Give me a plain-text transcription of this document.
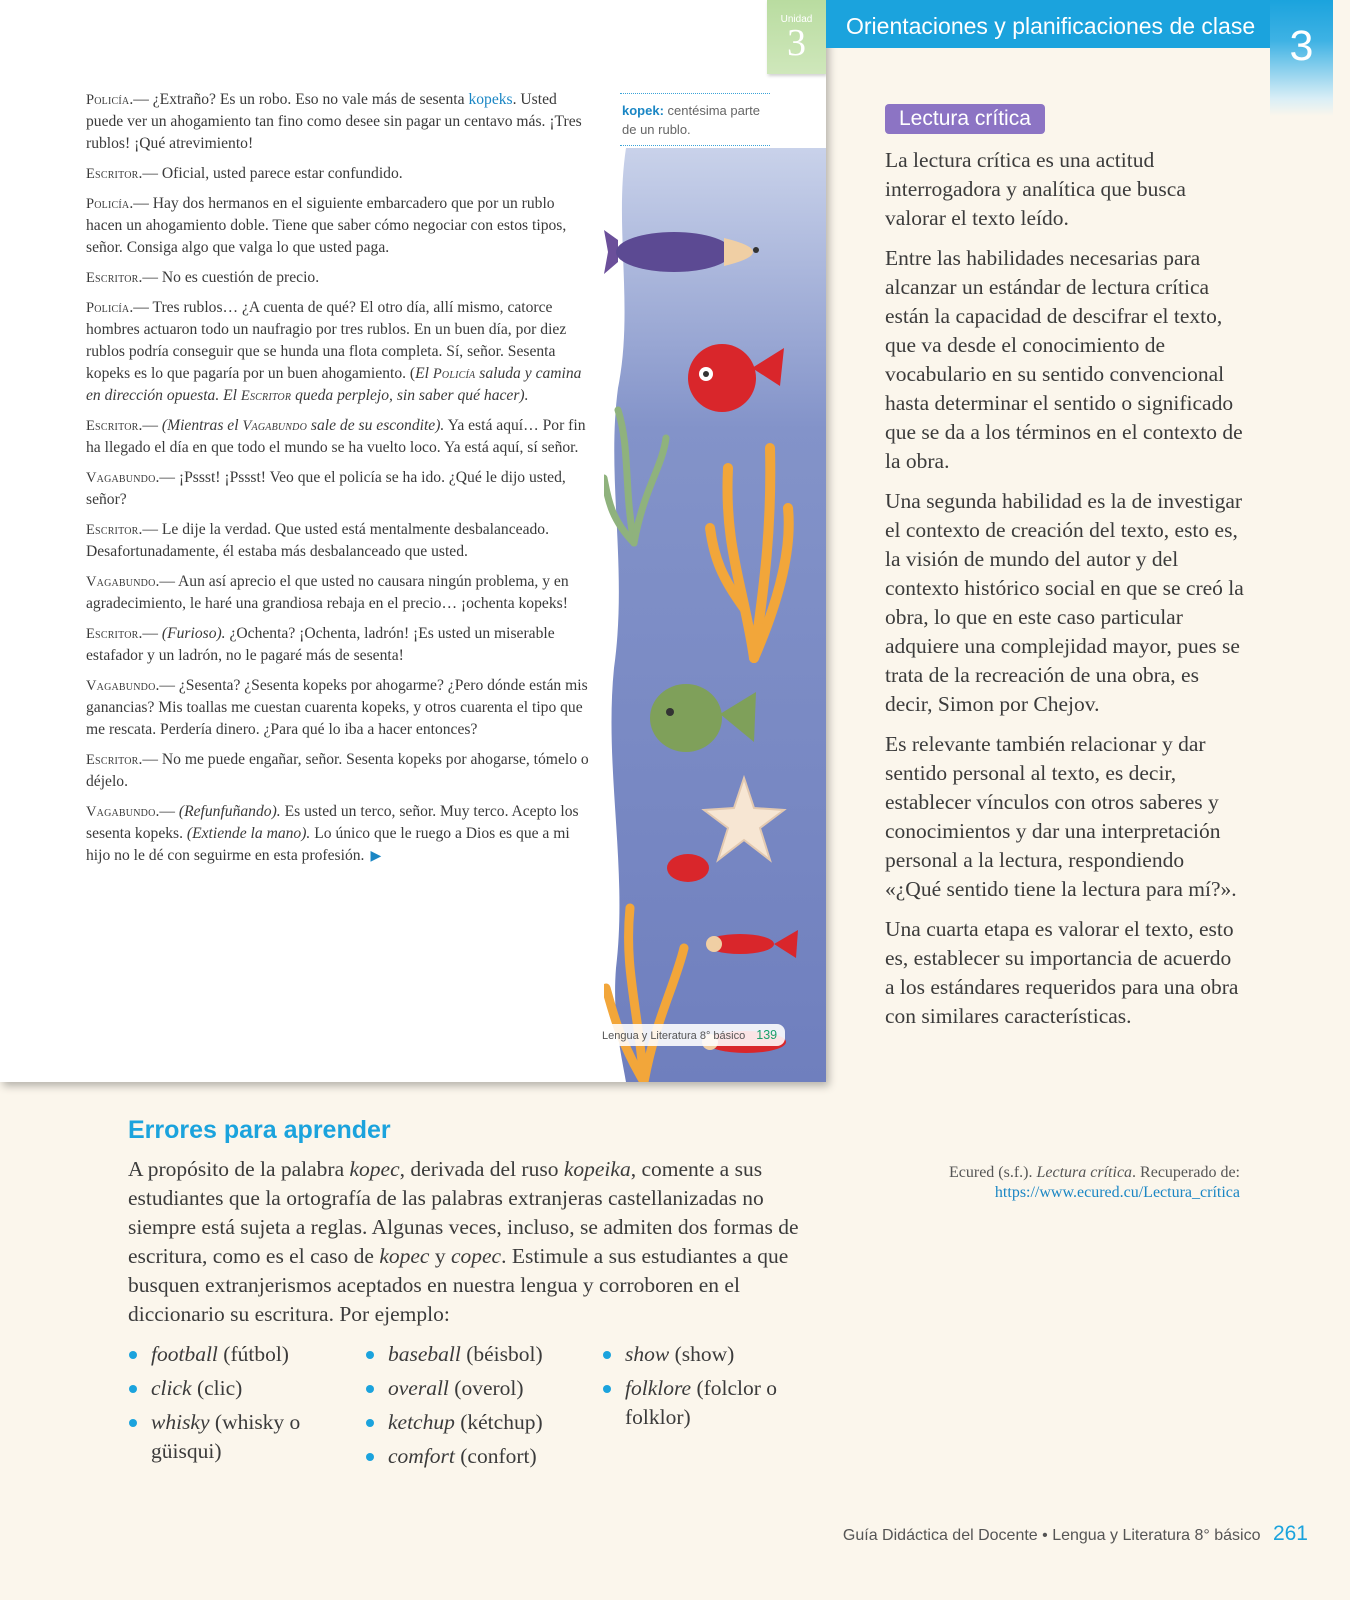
Unidad
3

Policía.— ¿Extraño? Es un robo. Eso no vale más de sesenta kopeks. Usted puede ver un ahogamiento tan fino como desee sin pagar un centavo más. ¡Tres rublos! ¡Qué atrevimiento!

Escritor.— Oficial, usted parece estar confundido.

Policía.— Hay dos hermanos en el siguiente embarcadero que por un rublo hacen un ahogamiento doble. Tiene que saber cómo negociar con estos tipos, señor. Consiga algo que valga lo que usted paga.

Escritor.— No es cuestión de precio.

Policía.— Tres rublos… ¿A cuenta de qué? El otro día, allí mismo, catorce hombres actuaron todo un naufragio por tres rublos. En un buen día, por diez rublos podría conseguir que se hunda una flota completa. Sí, señor. Sesenta kopeks es lo que pagaría por un buen ahogamiento. (El Policía saluda y camina en dirección opuesta. El Escritor queda perplejo, sin saber qué hacer).

Escritor.— (Mientras el Vagabundo sale de su escondite). Ya está aquí… Por fin ha llegado el día en que todo el mundo se ha vuelto loco. Ya está aquí, sí señor.

Vagabundo.— ¡Pssst! ¡Pssst! Veo que el policía se ha ido. ¿Qué le dijo usted, señor?

Escritor.— Le dije la verdad. Que usted está mentalmente desbalanceado. Desafortunadamente, él estaba más desbalanceado que usted.

Vagabundo.— Aun así aprecio el que usted no causara ningún problema, y en agradecimiento, le haré una grandiosa rebaja en el precio… ¡ochenta kopeks!

Escritor.— (Furioso). ¿Ochenta? ¡Ochenta, ladrón! ¡Es usted un miserable estafador y un ladrón, no le pagaré más de sesenta!

Vagabundo.— ¿Sesenta? ¿Sesenta kopeks por ahogarme? ¿Pero dónde están mis ganancias? Mis toallas me cuestan cuarenta kopeks, y otros cuarenta el tipo que me rescata. Perdería dinero. ¿Para qué lo iba a hacer entonces?

Escritor.— No me puede engañar, señor. Sesenta kopeks por ahogarse, tómelo o déjelo.

Vagabundo.— (Refunfuñando). Es usted un terco, señor. Muy terco. Acepto los sesenta kopeks. (Extiende la mano). Lo único que le ruego a Dios es que a mi hijo no le dé con seguirme en esta profesión. ▶

kopek: centésima parte de un rublo.
Lengua y Literatura 8° básico 139
Orientaciones y planificaciones de clase 3
Lectura crítica

La lectura crítica es una actitud interrogadora y analítica que busca valorar el texto leído.

Entre las habilidades necesarias para alcanzar un estándar de lectura crítica están la capacidad de descifrar el texto, que va desde el conocimiento de vocabulario en su sentido convencional hasta determinar el sentido o significado que se da a los términos en el contexto de la obra.

Una segunda habilidad es la de investigar el contexto de creación del texto, esto es, la visión de mundo del autor y del contexto histórico social en que se creó la obra, lo que en este caso particular adquiere una complejidad mayor, pues se trata de la recreación de una obra, es decir, Simon por Chejov.

Es relevante también relacionar y dar sentido personal al texto, es decir, establecer vínculos con otros saberes y conocimientos y dar una interpretación personal a la lectura, respondiendo «¿Qué sentido tiene la lectura para mí?».

Una cuarta etapa es valorar el texto, esto es, establecer su importancia de acuerdo a los estándares requeridos para una obra con similares características.

Ecured (s.f.). Lectura crítica. Recuperado de:
https://www.ecured.cu/Lectura_crítica
Errores para aprender

A propósito de la palabra kopec, derivada del ruso kopeika, comente a sus estudiantes que la ortografía de las palabras extranjeras castellanizadas no siempre está sujeta a reglas. Algunas veces, incluso, se admiten dos formas de escritura, como es el caso de kopec y copec. Estimule a sus estudiantes a que busquen extranjerismos aceptados en nuestra lengua y corroboren en el diccionario su escritura. Por ejemplo:

football (fútbol)
click (clic)
whisky (whisky o güisqui)
baseball (béisbol)
overall (overol)
ketchup (kétchup)
comfort (confort)
show (show)
folklore (folclor o folklor)
Guía Didáctica del Docente • Lengua y Literatura 8° básico 261
